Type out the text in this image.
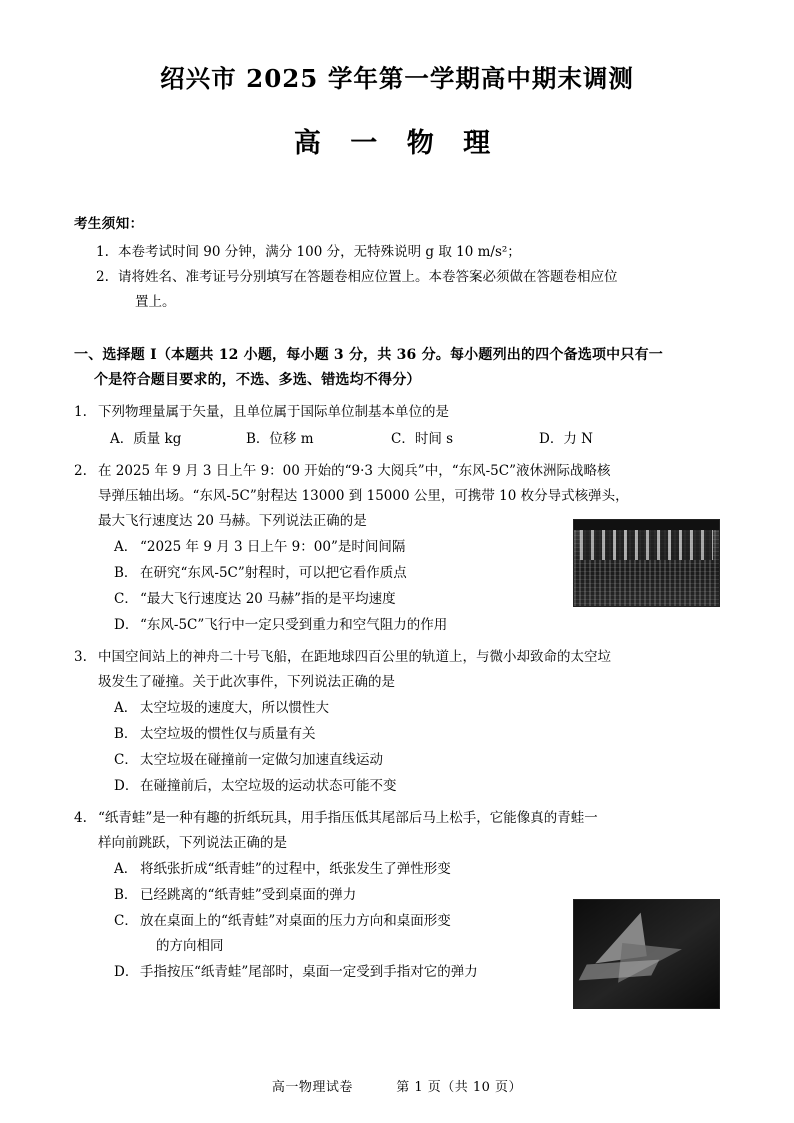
绍兴市 2025 学年第一学期高中期末调测
高 一 物 理
考生须知：
1. 本卷考试时间 90 分钟，满分 100 分，无特殊说明 g 取 10 m/s²；
2. 请将姓名、准考证号分别填写在答题卷相应位置上。本卷答案必须做在答题卷相应位
置上。
一、选择题 I（本题共 12 小题，每小题 3 分，共 36 分。每小题列出的四个备选项中只有一
个是符合题目要求的，不选、多选、错选均不得分）
1. 下列物理量属于矢量，且单位属于国际单位制基本单位的是
A．质量 kg	B．位移 m	C．时间 s	D．力 N
2. 在 2025 年 9 月 3 日上午 9：00 开始的“9·3 大阅兵”中，“东风-5C”液休洲际战略核
导弹压轴出场。“东风-5C”射程达 13000 到 15000 公里，可携带 10 枚分导式核弹头，
最大飞行速度达 20 马赫。下列说法正确的是
A． “2025 年 9 月 3 日上午 9：00”是时间间隔
B． 在研究“东风-5C”射程时，可以把它看作质点
C． “最大飞行速度达 20 马赫”指的是平均速度
D． “东风-5C”飞行中一定只受到重力和空气阻力的作用
3. 中国空间站上的神舟二十号飞船，在距地球四百公里的轨道上，与微小却致命的太空垃
圾发生了碰撞。关于此次事件，下列说法正确的是
A． 太空垃圾的速度大，所以惯性大
B． 太空垃圾的惯性仅与质量有关
C． 太空垃圾在碰撞前一定做匀加速直线运动
D． 在碰撞前后，太空垃圾的运动状态可能不变
4. “纸青蛙”是一种有趣的折纸玩具，用手指压低其尾部后马上松手，它能像真的青蛙一
样向前跳跃，下列说法正确的是
A． 将纸张折成“纸青蛙”的过程中，纸张发生了弹性形变
B． 已经跳离的“纸青蛙”受到桌面的弹力
C． 放在桌面上的“纸青蛙”对桌面的压力方向和桌面形变
的方向相同
D． 手指按压“纸青蛙”尾部时，桌面一定受到手指对它的弹力
高一物理试卷	第 1 页（共 10 页）
